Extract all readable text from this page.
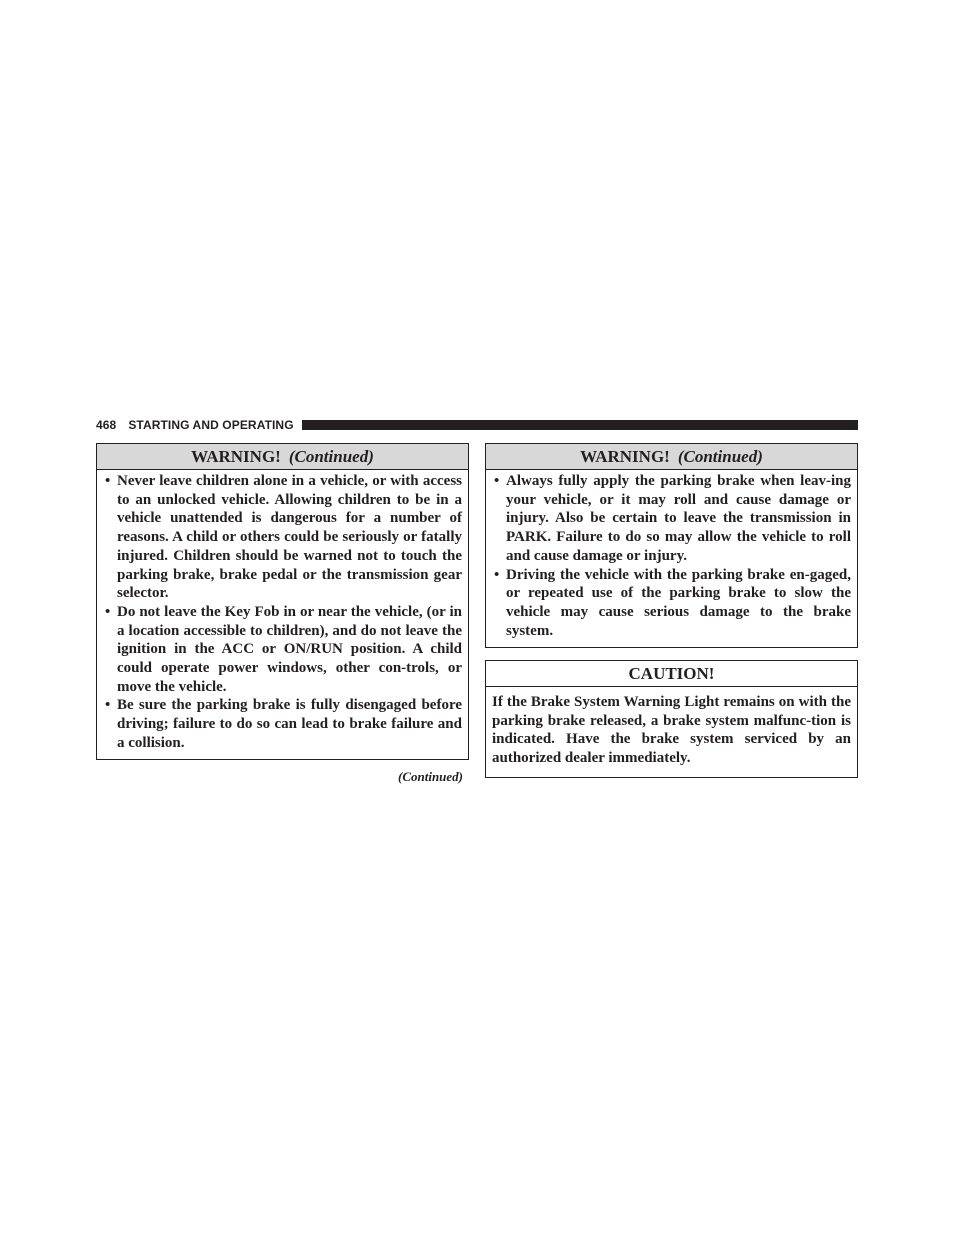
468 STARTING AND OPERATING
WARNING! (Continued)
• Never leave children alone in a vehicle, or with access to an unlocked vehicle. Allowing children to be in a vehicle unattended is dangerous for a number of reasons. A child or others could be seriously or fatally injured. Children should be warned not to touch the parking brake, brake pedal or the transmission gear selector.
• Do not leave the Key Fob in or near the vehicle, (or in a location accessible to children), and do not leave the ignition in the ACC or ON/RUN position. A child could operate power windows, other con-trols, or move the vehicle.
• Be sure the parking brake is fully disengaged before driving; failure to do so can lead to brake failure and a collision.
(Continued)
WARNING! (Continued)
• Always fully apply the parking brake when leav-ing your vehicle, or it may roll and cause damage or injury. Also be certain to leave the transmission in PARK. Failure to do so may allow the vehicle to roll and cause damage or injury.
• Driving the vehicle with the parking brake en-gaged, or repeated use of the parking brake to slow the vehicle may cause serious damage to the brake system.
CAUTION!
If the Brake System Warning Light remains on with the parking brake released, a brake system malfunc-tion is indicated. Have the brake system serviced by an authorized dealer immediately.
